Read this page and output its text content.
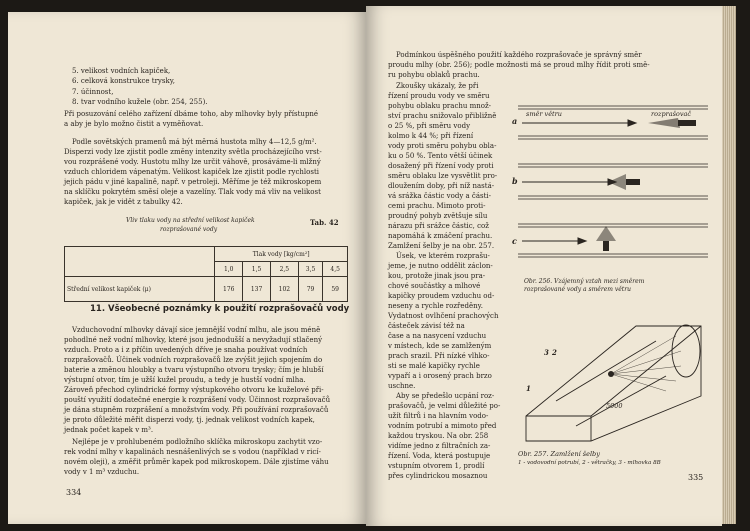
5. velikost vodních kapiček,
6. celková konstrukce trysky,
7. účinnost,
8. tvar vodního kužele (obr. 254, 255).
Při posuzování celého zařízení dbáme toho, aby mlhovky byly přístupné
a aby je bylo možno čistit a vyměňovat.
Podle sovětských pramenů má být měrná hustota mlhy 4—12,5 g/m².
Disperzi vody lze zjistit podle změny intenzity světla procházejícího vrst-
vou rozprášené vody. Hustotu mlhy lze určit váhově, prosáváme-li mlžný
vzduch chloridem vápenatým. Velikost kapiček lze zjistit podle rychlosti
jejich pádu v jiné kapalině, např. v petroleji. Měříme je též mikroskopem
na sklíčku pokrytém směsí oleje a vazelíny. Tlak vody má vliv na velikost
kapiček, jak je vidět z tabulky 42.
Vliv tlaku vody na střední velikost kapiček
rozprašované vody
Tab. 42
	Tlak vody [kg/cm²]				
	1,0	1,5	2,5	3,5	4,5
Střední velikost kapiček (μ)	176	137	102	79	59
11. Všeobecné poznámky k použití rozprašovačů vody
Vzduchovodní mlhovky dávají sice jemnější vodní mlhu, ale jsou méně
pohodlné než vodní mlhovky, které jsou jednodušší a nevyžadují stlačený
vzduch. Proto a i z příčin uvedených dříve je snaha používat vodních
rozprašovačů. Účinek vodních rozprašovačů lze zvýšit jejich spojením do
baterie a změnou hloubky a tvaru výstupního otvoru trysky; čím je hlubší
výstupní otvor, tím je užší kužel proudu, a tedy je hustší vodní mlha.
Zároveň přechod cylindrické formy výstupkového otvoru ke kuželové při-
pouští využití dodatečné energie k rozprášení vody. Účinnost rozprašovačů
je dána stupněm rozprášení a množstvím vody. Při používání rozprašovačů
je proto důležité měřit disperzi vody, tj. jednak velikost vodních kapek,
jednak počet kapek v m³.
Nejlépe je v prohlubeném podložního sklíčka mikroskopu zachytit vzo-
rek vodní mlhy v kapalinách nesnášenlivých se s vodou (například v ricí-
novém oleji), a změřit průměr kapek pod mikroskopem. Dále zjistíme váhu
vody v 1 m³ vzduchu.
334
Podmínkou úspěšného použití každého rozprašovače je správný směr
proudu mlhy (obr. 256); podle možnosti má se proud mlhy řídit proti smě-
ru pohybu oblaků prachu.
Zkoušky ukázaly, že při
řízení proudu vody ve směru
pohybu oblaku prachu množ-
ství prachu snižovalo přibližně
o 25 %, při směru vody
kolmo k 44 %; při řízení
vody proti směru pohybu obla-
ku o 50 %. Tento větší účinek
dosažený při řízení vody proti
směru oblaku lze vysvětlit pro-
dloužením doby, při níž nastá-
vá srážka částic vody a části-
cemi prachu. Mimoto proti-
proudný pohyb zvětšuje sílu
nárazu při srážce částic, což
napomáhá k zmáčení prachu.
Zamlžení šelby je na obr. 257.
Úsek, ve kterém rozprašu-
jeme, je nutno oddělit záclon-
kou, protože jinak jsou pra-
chové součástky a mlhové
kapičky proudem vzduchu od-
neseny a rychle rozředěny.
Vydatnost ovlhčení prachových
částeček závisí též na
čase a na nasycení vzduchu
v místech, kde se zamlženým
prach srazil. Při nízké vlhko-
sti se malé kapičky rychle
vypaří a i orosený prach brzo
uschne.
Aby se předešlo ucpání roz-
prašovačů, je velmi důležité po-
užít filtrů i na hlavním vodo-
vodním potrubí a mimoto před
každou tryskou. Na obr. 258
vidíme jedno z filtračních za-
řízení. Voda, která postupuje
vstupním otvorem 1, prodlí
přes cylindrickou mosaznou
směr větru	rozprašovač
a
b
c
Obr. 256. Vzájemný vztah mezi směrem
rozprašované vody a směrem větru
3 2
1
5000
Obr. 257. Zamlžení šelby
1 - vodovodní potrubí, 2 - větračky, 3 - mlhovka 8B
335
